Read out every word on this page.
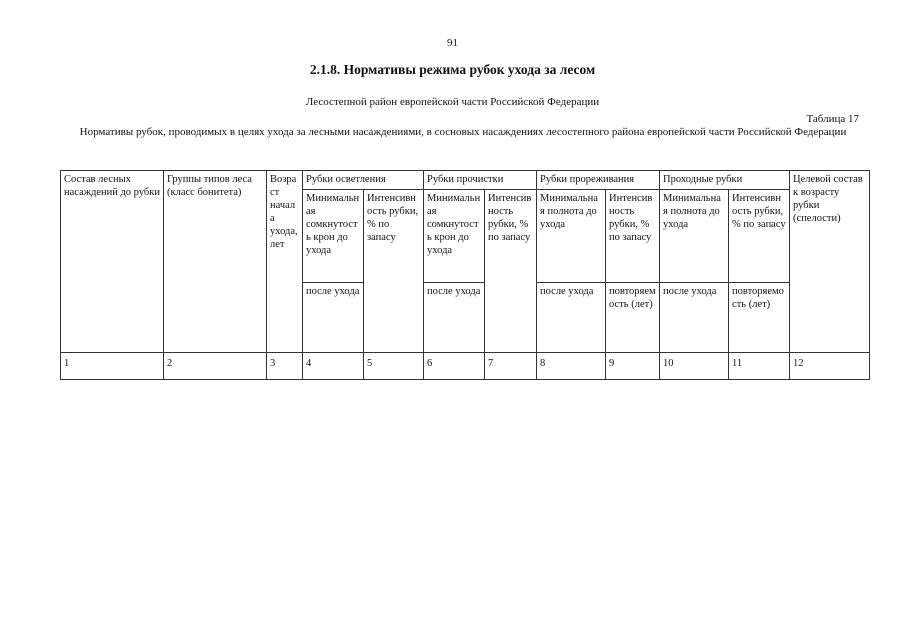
91
2.1.8. Нормативы режима рубок ухода за лесом
Лесостепной район европейской части Российской Федерации
Таблица 17
Нормативы рубок, проводимых в целях ухода за лесными насаждениями, в сосновых насаждениях лесостепного района европейской части Российской Федерации
Состав лесных насаждений до рубки	Группы типов леса (класс бонитета)	Возраст начала ухода, лет	Рубки осветления		Рубки прочистки		Рубки прореживания		Проходные рубки		Целевой состав к возрасту рубки (спелости)
			Минимальная сомкнутость крон до ухода	Интенсивность рубки, % по запасу	Минимальная сомкнутость крон до ухода	Интенсивность рубки, % по запасу	Минимальная полнота до ухода	Интенсивность рубки, % по запасу	Минимальная полнота до ухода	Интенсивность рубки, % по запасу	
			после ухода		после ухода		после ухода	повторяемость (лет)	после ухода	повторяемость (лет)	
1	2	3	4	5	6	7	8	9	10	11	12
